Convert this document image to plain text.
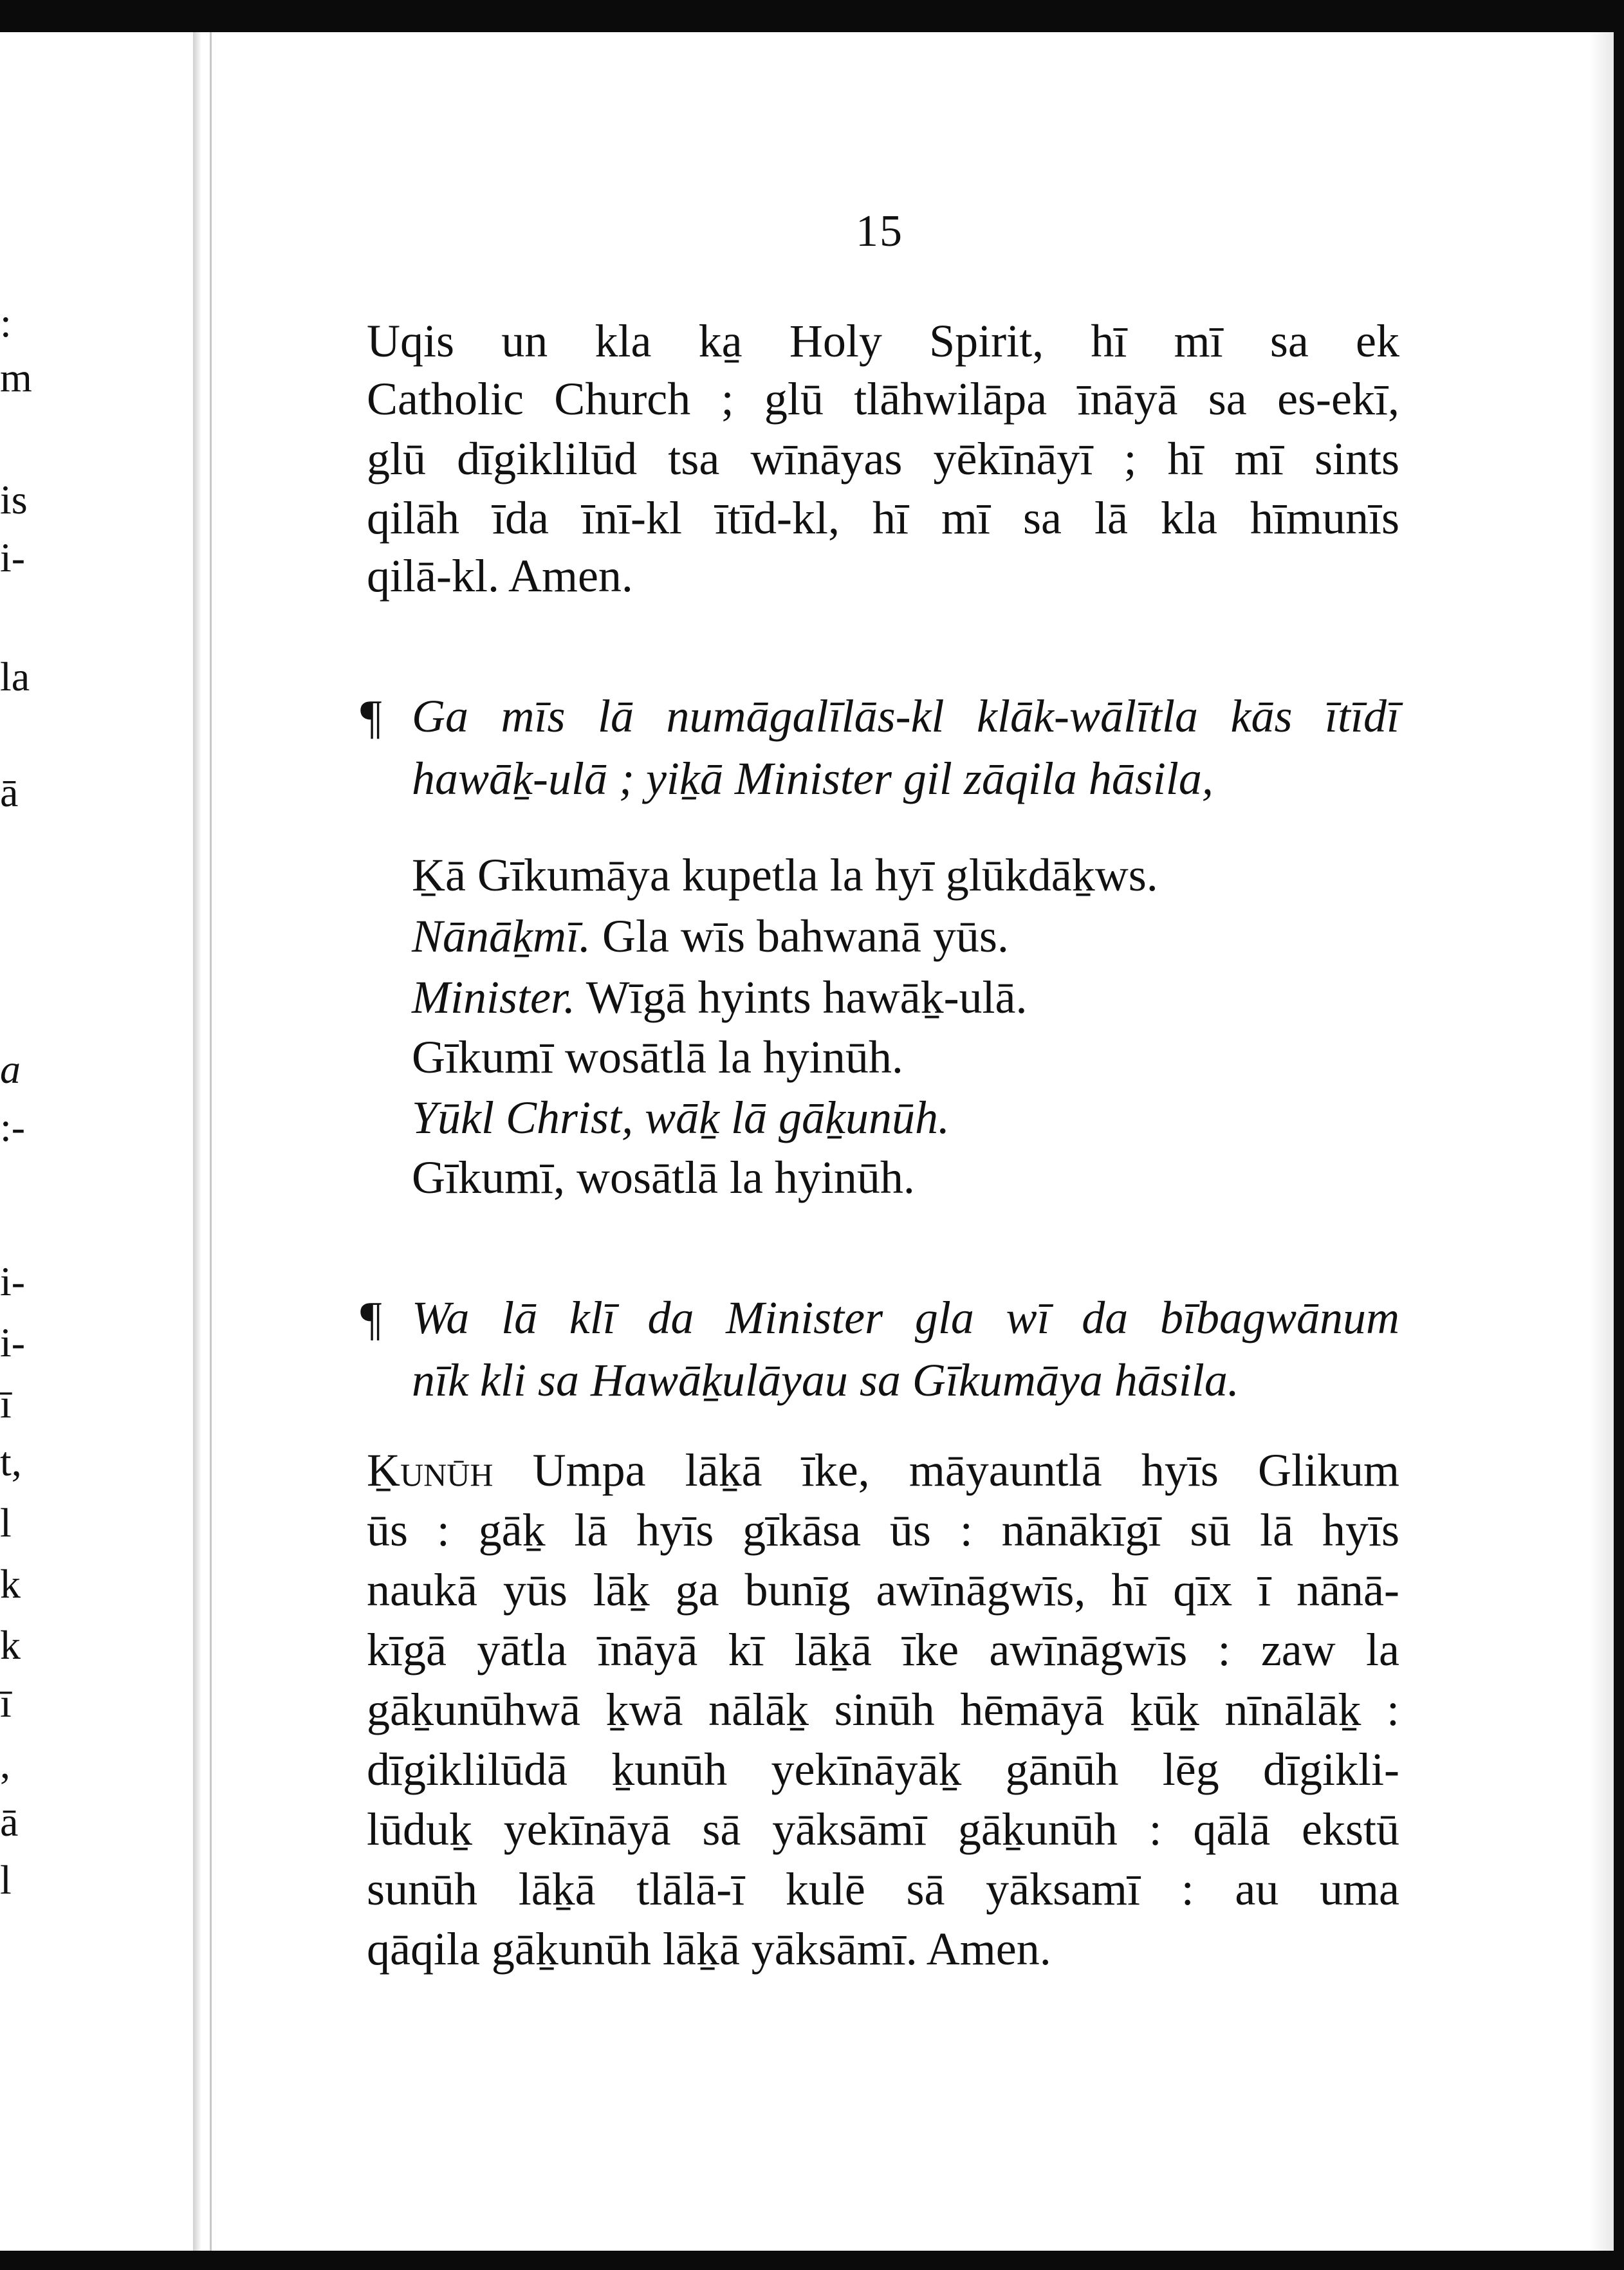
:
m
is
i-
la
ā
a
:-
i-
i-
ī
t,
l
k
k
ī
,
ā
l
15
Uqis un kla ka̠ Holy Spirit, hī mī sa ek
Catholic Church ; glū tlāhwilāpa īnāyā sa es-ekī,
glū dīgiklilūd tsa wīnāyas yēkīnāyī ; hī mī sints
qilāh īda īnī-kl ītīd-kl, hī mī sa lā kla hīmunīs
qilā-kl. Amen.
¶ Ga mīs lā numāgalīlās-kl klāk-wālītla kās ītīdī
hawāk̠-ulā ; yik̠ā Minister gil zāqila hāsila,
K̠ā Gīkumāya kupetla la hyī glūkdāk̠ws.
Nānāk̠mī. Gla wīs bahwanā yūs.
Minister. Wīgā hyints hawāk̠-ulā.
Gīkumī wosātlā la hyinūh.
Yūkl Christ, wāk̠ lā gāk̠unūh.
Gīkumī, wosātlā la hyinūh.
¶ Wa lā klī da Minister gla wī da bībagwānum
nīk kli sa Hawāk̠ulāyau sa Gīkumāya hāsila.
K̠unūh Umpa lāk̠ā īke, māyauntlā hyīs Glikum
ūs : gāk̠ lā hyīs gīkāsa ūs : nānākīgī sū lā hyīs
naukā yūs lāk̠ ga bunīg awīnāgwīs, hī qīx ī nānā-
kīgā yātla īnāyā kī lāk̠ā īke awīnāgwīs : zaw la
gāk̠unūhwā k̠wā nālāk̠ sinūh hēmāyā k̠ūk̠ nīnālāk̠ :
dīgiklilūdā k̠unūh yekīnāyāk̠ gānūh lēg dīgikli-
lūduk̠ yekīnāyā sā yāksāmī gāk̠unūh : qālā ekstū
sunūh lāk̠ā tlālā-ī kulē sā yāksamī : au uma
qāqila gāk̠unūh lāk̠ā yāksāmī. Amen.
